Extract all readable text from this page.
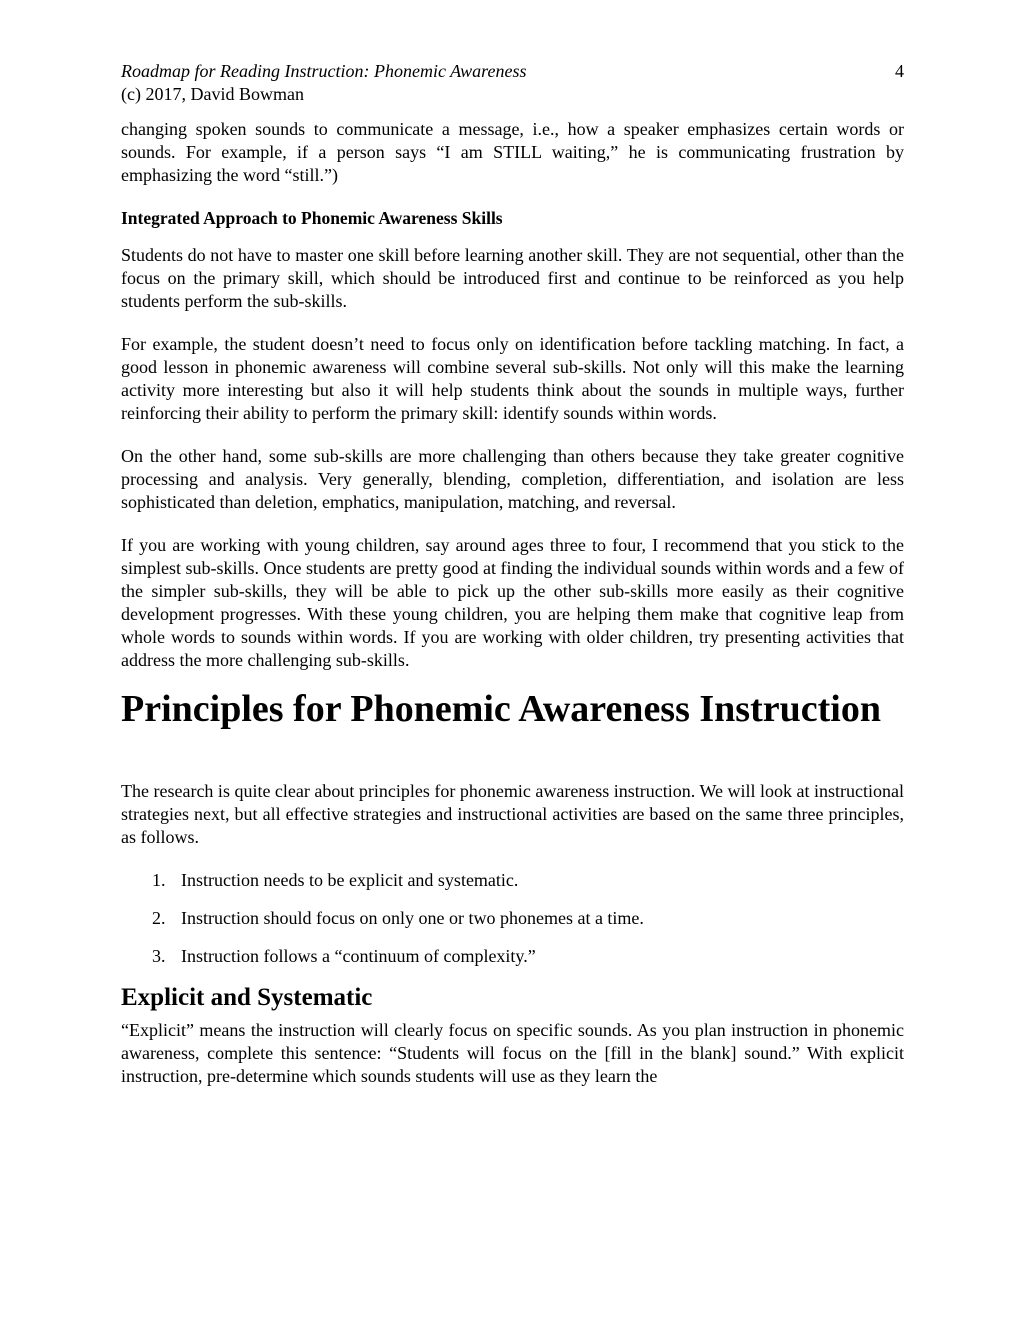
Roadmap for Reading Instruction: Phonemic Awareness	4
(c) 2017, David Bowman

changing spoken sounds to communicate a message, i.e., how a speaker emphasizes certain words or sounds. For example, if a person says “I am STILL waiting,” he is communicating frustration by emphasizing the word “still.”)

Integrated Approach to Phonemic Awareness Skills

Students do not have to master one skill before learning another skill. They are not sequential, other than the focus on the primary skill, which should be introduced first and continue to be reinforced as you help students perform the sub-skills.

For example, the student doesn’t need to focus only on identification before tackling matching. In fact, a good lesson in phonemic awareness will combine several sub-skills. Not only will this make the learning activity more interesting but also it will help students think about the sounds in multiple ways, further reinforcing their ability to perform the primary skill: identify sounds within words.

On the other hand, some sub-skills are more challenging than others because they take greater cognitive processing and analysis. Very generally, blending, completion, differentiation, and isolation are less sophisticated than deletion, emphatics, manipulation, matching, and reversal.

If you are working with young children, say around ages three to four, I recommend that you stick to the simplest sub-skills. Once students are pretty good at finding the individual sounds within words and a few of the simpler sub-skills, they will be able to pick up the other sub-skills more easily as their cognitive development progresses. With these young children, you are helping them make that cognitive leap from whole words to sounds within words. If you are working with older children, try presenting activities that address the more challenging sub-skills.

Principles for Phonemic Awareness Instruction

The research is quite clear about principles for phonemic awareness instruction. We will look at instructional strategies next, but all effective strategies and instructional activities are based on the same three principles, as follows.

1. Instruction needs to be explicit and systematic.
2. Instruction should focus on only one or two phonemes at a time.
3. Instruction follows a “continuum of complexity.”
Explicit and Systematic

“Explicit” means the instruction will clearly focus on specific sounds. As you plan instruction in phonemic awareness, complete this sentence: “Students will focus on the [fill in the blank] sound.” With explicit instruction, pre-determine which sounds students will use as they learn the
